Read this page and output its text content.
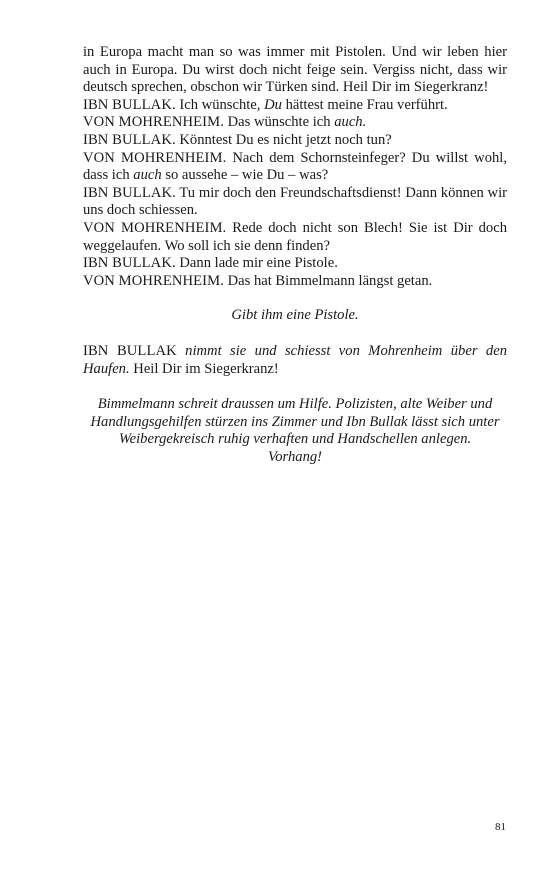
in Europa macht man so was immer mit Pistolen. Und wir leben hier auch in Europa. Du wirst doch nicht feige sein. Vergiss nicht, dass wir deutsch sprechen, obschon wir Türken sind. Heil Dir im Siegerkranz!

IBN BULLAK. Ich wünschte, Du hättest meine Frau verführt.

VON MOHRENHEIM. Das wünschte ich auch.

IBN BULLAK. Könntest Du es nicht jetzt noch tun?

VON MOHRENHEIM. Nach dem Schornsteinfeger? Du willst wohl, dass ich auch so aussehe – wie Du – was?

IBN BULLAK. Tu mir doch den Freundschaftsdienst! Dann können wir uns doch schiessen.

VON MOHRENHEIM. Rede doch nicht son Blech! Sie ist Dir doch weggelaufen. Wo soll ich sie denn finden?

IBN BULLAK. Dann lade mir eine Pistole.

VON MOHRENHEIM. Das hat Bimmelmann längst getan.

Gibt ihm eine Pistole.

IBN BULLAK nimmt sie und schiesst von Mohrenheim über den Haufen. Heil Dir im Siegerkranz!

Bimmelmann schreit draussen um Hilfe. Polizisten, alte Weiber und

Handlungsgehilfen stürzen ins Zimmer und Ibn Bullak lässt sich unter

Weibergekreisch ruhig verhaften und Handschellen anlegen.

Vorhang!

81
